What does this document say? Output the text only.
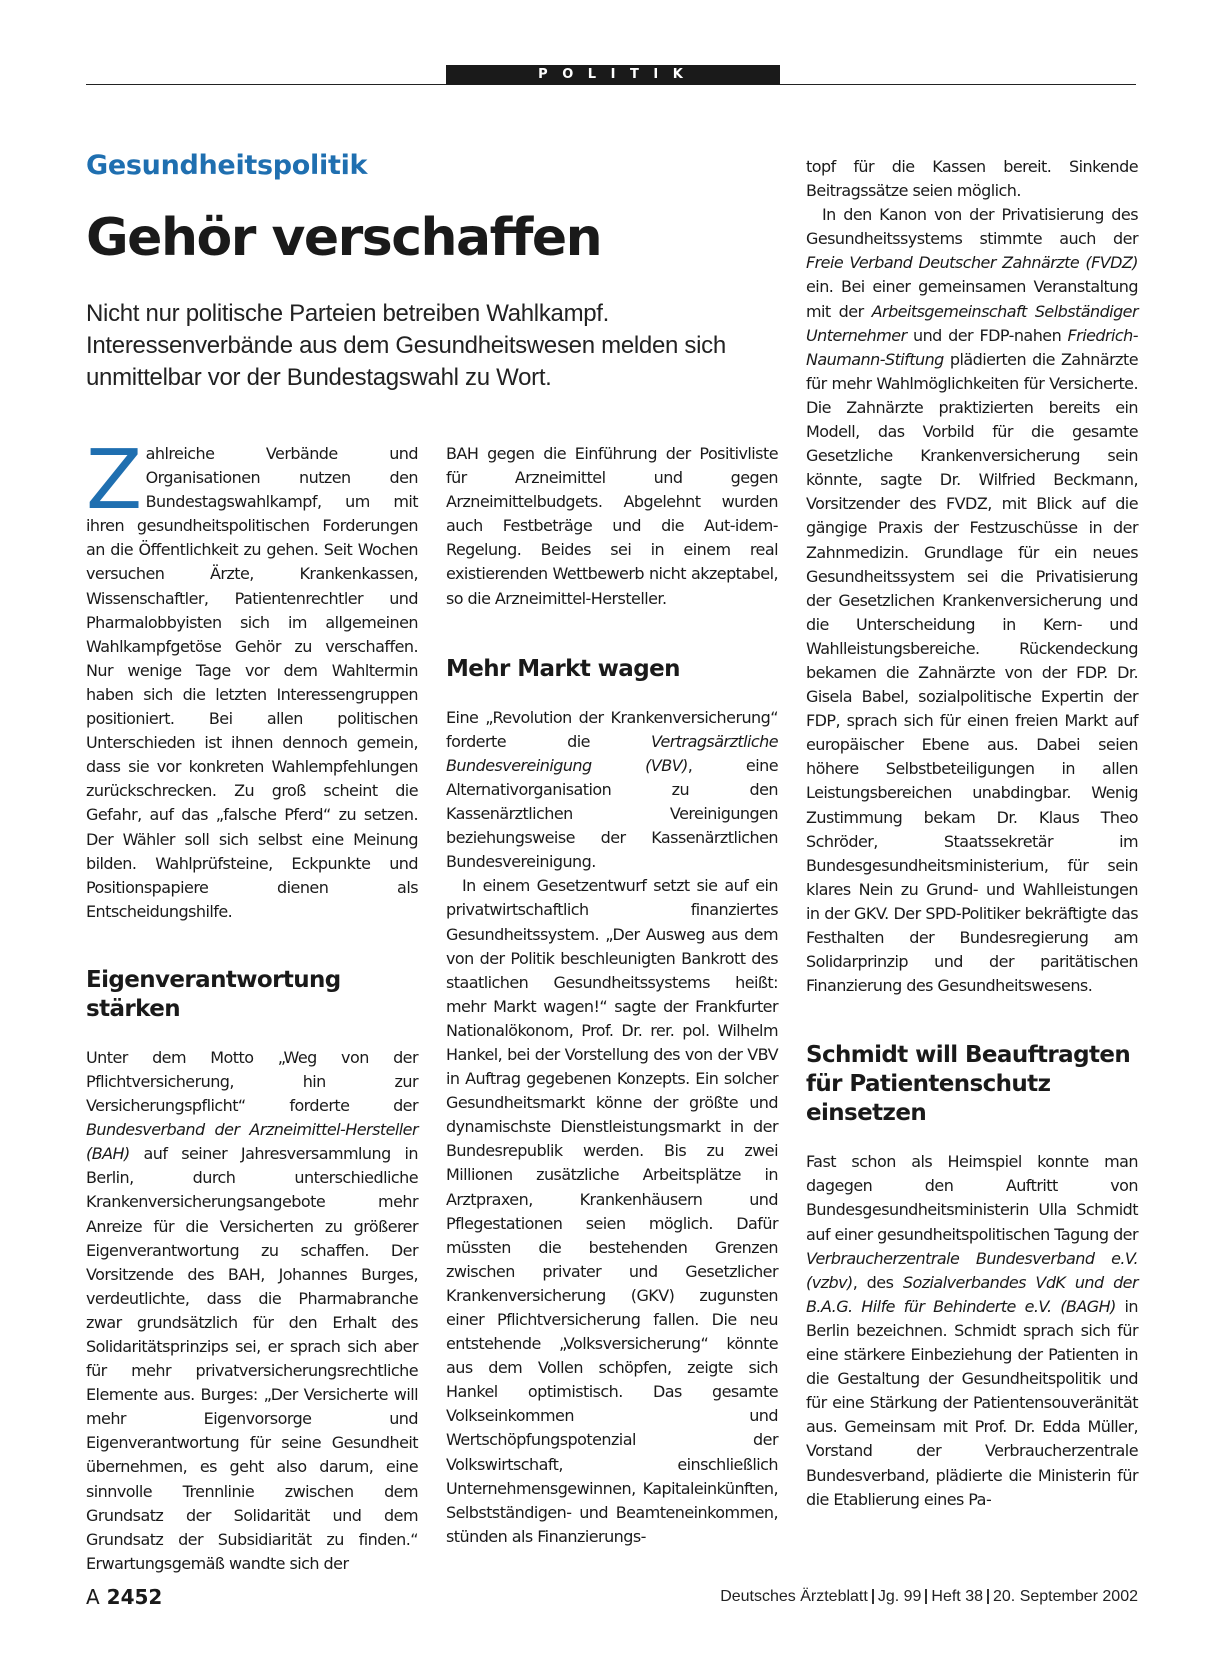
P O L I T I K
Gesundheitspolitik
Gehör verschaffen
Nicht nur politische Parteien betreiben Wahlkampf. Interessenverbände aus dem Gesundheitswesen melden sich unmittelbar vor der Bundestagswahl zu Wort.

Zahlreiche Verbände und Organisationen nutzen den Bundestagswahlkampf, um mit ihren gesundheitspolitischen Forderungen an die Öffentlichkeit zu gehen. Seit Wochen versuchen Ärzte, Krankenkassen, Wissenschaftler, Patientenrechtler und Pharmalobbyisten sich im allgemeinen Wahlkampfgetöse Gehör zu verschaffen. Nur wenige Tage vor dem Wahltermin haben sich die letzten Interessengruppen positioniert. Bei allen politischen Unterschieden ist ihnen dennoch gemein, dass sie vor konkreten Wahlempfehlungen zurückschrecken. Zu groß scheint die Gefahr, auf das „falsche Pferd“ zu setzen. Der Wähler soll sich selbst eine Meinung bilden. Wahlprüfsteine, Eckpunkte und Positionspapiere dienen als Entscheidungshilfe.

Eigenverantwortung stärken

Unter dem Motto „Weg von der Pflichtversicherung, hin zur Versicherungspflicht“ forderte der Bundesverband der Arzneimittel-Hersteller (BAH) auf seiner Jahresversammlung in Berlin, durch unterschiedliche Krankenversicherungsangebote mehr Anreize für die Versicherten zu größerer Eigenverantwortung zu schaffen. Der Vorsitzende des BAH, Johannes Burges, verdeutlichte, dass die Pharmabranche zwar grundsätzlich für den Erhalt des Solidaritätsprinzips sei, er sprach sich aber für mehr privatversicherungsrechtliche Elemente aus. Burges: „Der Versicherte will mehr Eigenvorsorge und Eigenverantwortung für seine Gesundheit übernehmen, es geht also darum, eine sinnvolle Trennlinie zwischen dem Grundsatz der Solidarität und dem Grundsatz der Subsidiarität zu finden.“ Erwartungsgemäß wandte sich der

BAH gegen die Einführung der Positivliste für Arzneimittel und gegen Arzneimittelbudgets. Abgelehnt wurden auch Festbeträge und die Aut-idem-Regelung. Beides sei in einem real existierenden Wettbewerb nicht akzeptabel, so die Arzneimittel-Hersteller.

Mehr Markt wagen

Eine „Revolution der Krankenversicherung“ forderte die Vertragsärztliche Bundesvereinigung (VBV), eine Alternativorganisation zu den Kassenärztlichen Vereinigungen beziehungsweise der Kassenärztlichen Bundesvereinigung.

In einem Gesetzentwurf setzt sie auf ein privatwirtschaftlich finanziertes Gesundheitssystem. „Der Ausweg aus dem von der Politik beschleunigten Bankrott des staatlichen Gesundheitssystems heißt: mehr Markt wagen!“ sagte der Frankfurter Nationalökonom, Prof. Dr. rer. pol. Wilhelm Hankel, bei der Vorstellung des von der VBV in Auftrag gegebenen Konzepts. Ein solcher Gesundheitsmarkt könne der größte und dynamischste Dienstleistungsmarkt in der Bundesrepublik werden. Bis zu zwei Millionen zusätzliche Arbeitsplätze in Arztpraxen, Krankenhäusern und Pflegestationen seien möglich. Dafür müssten die bestehenden Grenzen zwischen privater und Gesetzlicher Krankenversicherung (GKV) zugunsten einer Pflichtversicherung fallen. Die neu entstehende „Volksversicherung“ könnte aus dem Vollen schöpfen, zeigte sich Hankel optimistisch. Das gesamte Volkseinkommen und Wertschöpfungspotenzial der Volkswirtschaft, einschließlich Unternehmensgewinnen, Kapitaleinkünften, Selbstständigen- und Beamteneinkommen, stünden als Finanzierungs-

topf für die Kassen bereit. Sinkende Beitragssätze seien möglich.

In den Kanon von der Privatisierung des Gesundheitssystems stimmte auch der Freie Verband Deutscher Zahnärzte (FVDZ) ein. Bei einer gemeinsamen Veranstaltung mit der Arbeitsgemeinschaft Selbständiger Unternehmer und der FDP-nahen Friedrich-Naumann-Stiftung plädierten die Zahnärzte für mehr Wahlmöglichkeiten für Versicherte. Die Zahnärzte praktizierten bereits ein Modell, das Vorbild für die gesamte Gesetzliche Krankenversicherung sein könnte, sagte Dr. Wilfried Beckmann, Vorsitzender des FVDZ, mit Blick auf die gängige Praxis der Festzuschüsse in der Zahnmedizin. Grundlage für ein neues Gesundheitssystem sei die Privatisierung der Gesetzlichen Krankenversicherung und die Unterscheidung in Kern- und Wahlleistungsbereiche. Rückendeckung bekamen die Zahnärzte von der FDP. Dr. Gisela Babel, sozialpolitische Expertin der FDP, sprach sich für einen freien Markt auf europäischer Ebene aus. Dabei seien höhere Selbstbeteiligungen in allen Leistungsbereichen unabdingbar. Wenig Zustimmung bekam Dr. Klaus Theo Schröder, Staatssekretär im Bundesgesundheitsministerium, für sein klares Nein zu Grund- und Wahlleistungen in der GKV. Der SPD-Politiker bekräftigte das Festhalten der Bundesregierung am Solidarprinzip und der paritätischen Finanzierung des Gesundheitswesens.

Schmidt will Beauftragten für Patientenschutz einsetzen

Fast schon als Heimspiel konnte man dagegen den Auftritt von Bundesgesundheitsministerin Ulla Schmidt auf einer gesundheitspolitischen Tagung der Verbraucherzentrale Bundesverband e.V. (vzbv), des Sozialverbandes VdK und der B.A.G. Hilfe für Behinderte e.V. (BAGH) in Berlin bezeichnen. Schmidt sprach sich für eine stärkere Einbeziehung der Patienten in die Gestaltung der Gesundheitspolitik und für eine Stärkung der Patientensouveränität aus. Gemeinsam mit Prof. Dr. Edda Müller, Vorstand der Verbraucherzentrale Bundesverband, plädierte die Ministerin für die Etablierung eines Pa-

A 2452	Deutsches Ärzteblatt Jg. 99 Heft 38 20. September 2002
